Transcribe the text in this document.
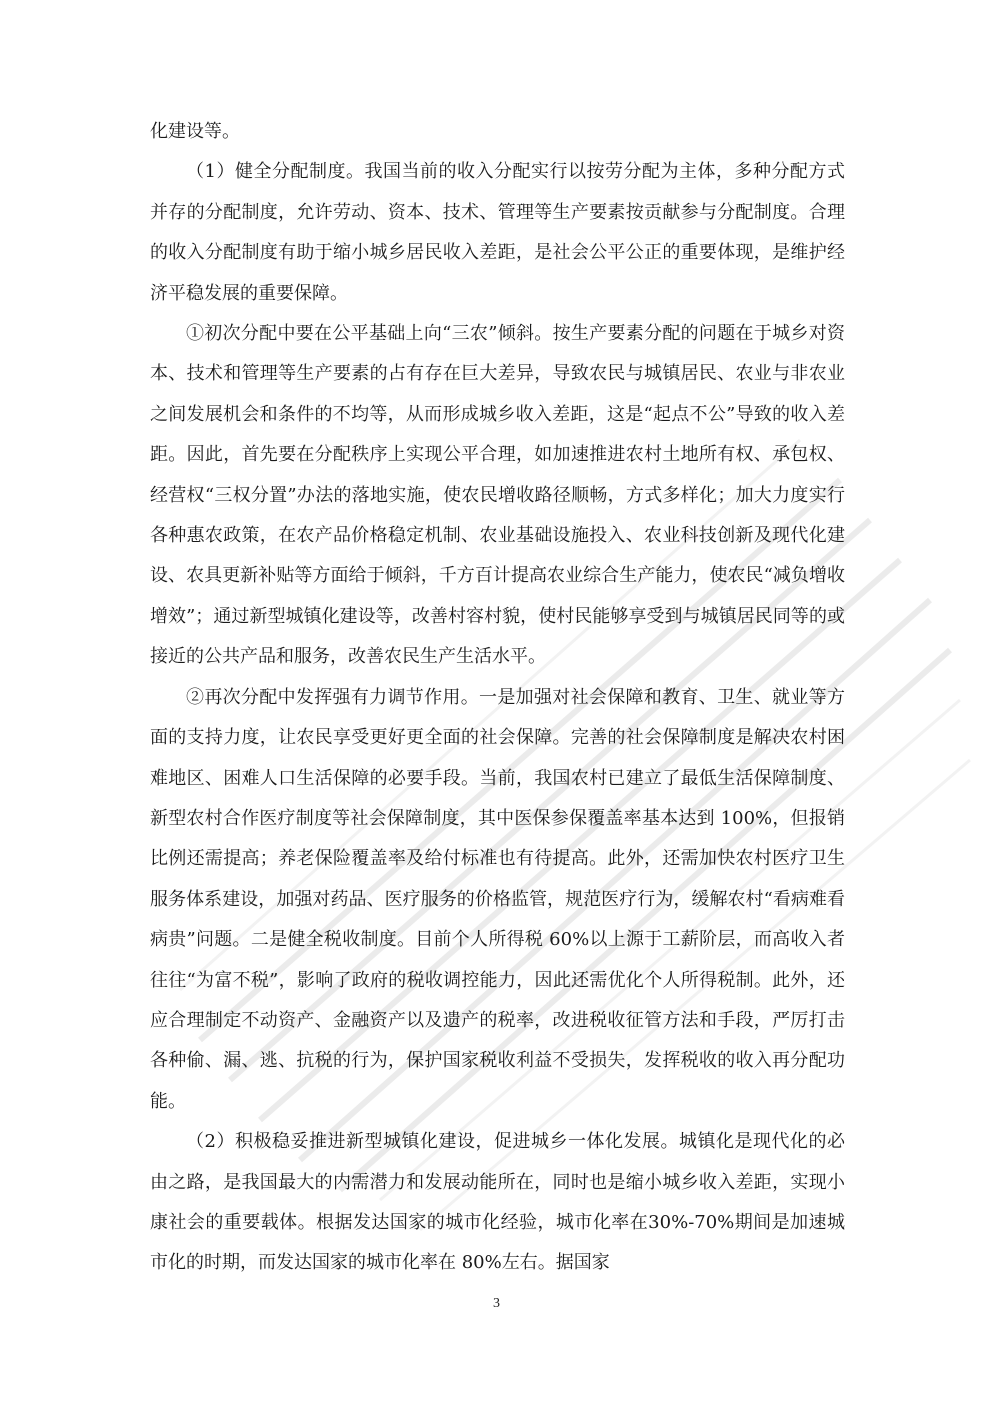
化建设等。

（1）健全分配制度。我国当前的收入分配实行以按劳分配为主体，多种分配方式并存的分配制度，允许劳动、资本、技术、管理等生产要素按贡献参与分配制度。合理的收入分配制度有助于缩小城乡居民收入差距，是社会公平公正的重要体现，是维护经济平稳发展的重要保障。

①初次分配中要在公平基础上向“三农”倾斜。按生产要素分配的问题在于城乡对资本、技术和管理等生产要素的占有存在巨大差异，导致农民与城镇居民、农业与非农业之间发展机会和条件的不均等，从而形成城乡收入差距，这是“起点不公”导致的收入差距。因此，首先要在分配秩序上实现公平合理，如加速推进农村土地所有权、承包权、经营权“三权分置”办法的落地实施，使农民增收路径顺畅，方式多样化；加大力度实行各种惠农政策，在农产品价格稳定机制、农业基础设施投入、农业科技创新及现代化建设、农具更新补贴等方面给于倾斜，千方百计提高农业综合生产能力，使农民“减负增收增效”；通过新型城镇化建设等，改善村容村貌，使村民能够享受到与城镇居民同等的或接近的公共产品和服务，改善农民生产生活水平。

②再次分配中发挥强有力调节作用。一是加强对社会保障和教育、卫生、就业等方面的支持力度，让农民享受更好更全面的社会保障。完善的社会保障制度是解决农村困难地区、困难人口生活保障的必要手段。当前，我国农村已建立了最低生活保障制度、新型农村合作医疗制度等社会保障制度，其中医保参保覆盖率基本达到 100%，但报销比例还需提高；养老保险覆盖率及给付标准也有待提高。此外，还需加快农村医疗卫生服务体系建设，加强对药品、医疗服务的价格监管，规范医疗行为，缓解农村“看病难看病贵”问题。二是健全税收制度。目前个人所得税 60%以上源于工薪阶层，而高收入者往往“为富不税”，影响了政府的税收调控能力，因此还需优化个人所得税制。此外，还应合理制定不动资产、金融资产以及遗产的税率，改进税收征管方法和手段，严厉打击各种偷、漏、逃、抗税的行为，保护国家税收利益不受损失，发挥税收的收入再分配功能。

（2）积极稳妥推进新型城镇化建设，促进城乡一体化发展。城镇化是现代化的必由之路，是我国最大的内需潜力和发展动能所在，同时也是缩小城乡收入差距，实现小康社会的重要载体。根据发达国家的城市化经验，城市化率在30%-70%期间是加速城市化的时期，而发达国家的城市化率在 80%左右。据国家

3
